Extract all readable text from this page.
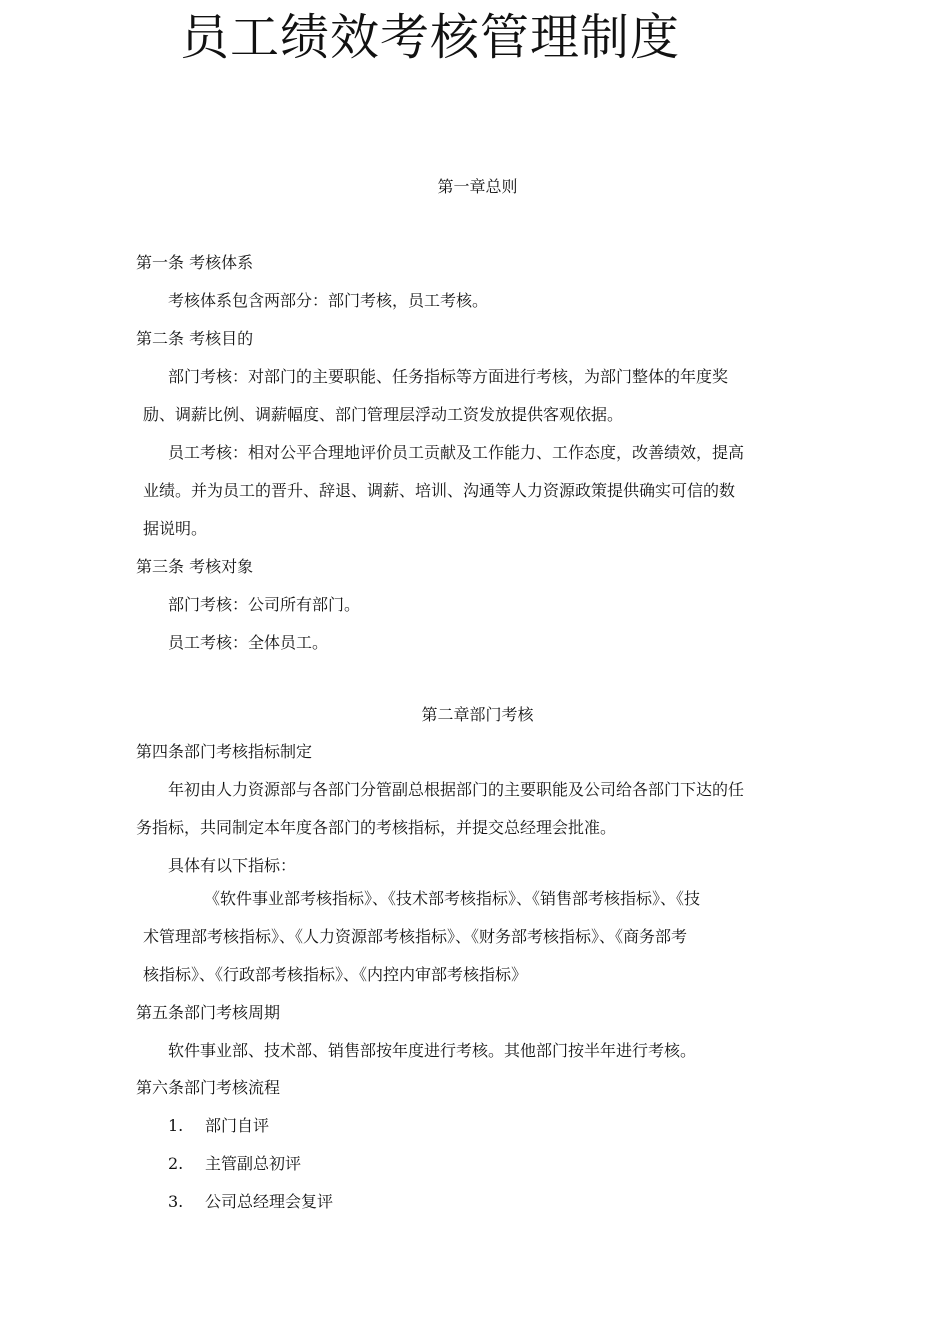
员工绩效考核管理制度
第一章总则
第一条 考核体系
考核体系包含两部分：部门考核，员工考核。
第二条 考核目的
部门考核：对部门的主要职能、任务指标等方面进行考核，为部门整体的年度奖
励、调薪比例、调薪幅度、部门管理层浮动工资发放提供客观依据。
员工考核：相对公平合理地评价员工贡献及工作能力、工作态度，改善绩效，提高
业绩。并为员工的晋升、辞退、调薪、培训、沟通等人力资源政策提供确实可信的数
据说明。
第三条 考核对象
部门考核：公司所有部门。
员工考核：全体员工。
第二章部门考核
第四条部门考核指标制定
年初由人力资源部与各部门分管副总根据部门的主要职能及公司给各部门下达的任
务指标，共同制定本年度各部门的考核指标，并提交总经理会批准。
具体有以下指标：
《软件事业部考核指标》、《技术部考核指标》、《销售部考核指标》、《技
术管理部考核指标》、《人力资源部考核指标》、《财务部考核指标》、《商务部考
核指标》、《行政部考核指标》、《内控内审部考核指标》
第五条部门考核周期
软件事业部、技术部、销售部按年度进行考核。其他部门按半年进行考核。
第六条部门考核流程
1. 部门自评
2. 主管副总初评
3. 公司总经理会复评
